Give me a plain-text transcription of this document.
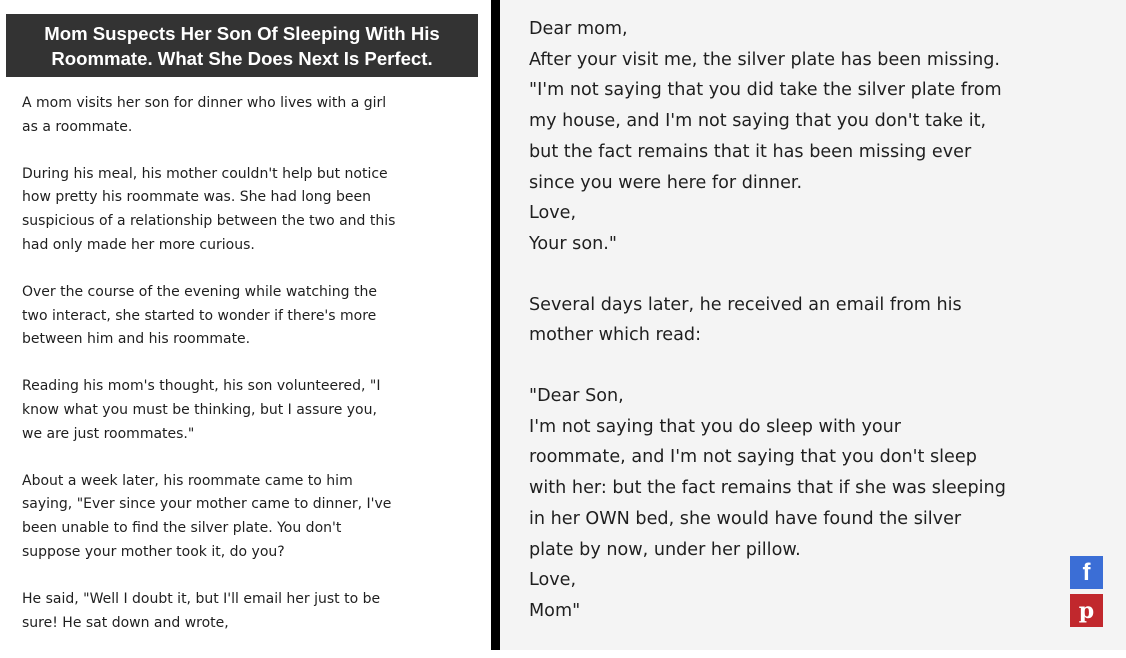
Mom Suspects Her Son Of Sleeping With His
Roommate. What She Does Next Is Perfect.

A mom visits her son for dinner who lives with a girl
as a roommate.

During his meal, his mother couldn't help but notice
how pretty his roommate was. She had long been
suspicious of a relationship between the two and this
had only made her more curious.

Over the course of the evening while watching the
two interact, she started to wonder if there's more
between him and his roommate.

Reading his mom's thought, his son volunteered, "I
know what you must be thinking, but I assure you,
we are just roommates."

About a week later, his roommate came to him
saying, "Ever since your mother came to dinner, I've
been unable to find the silver plate. You don't
suppose your mother took it, do you?

He said, "Well I doubt it, but I'll email her just to be
sure! He sat down and wrote,

Dear mom,
After your visit me, the silver plate has been missing.
"I'm not saying that you did take the silver plate from
my house, and I'm not saying that you don't take it,
but the fact remains that it has been missing ever
since you were here for dinner.
Love,
Your son."

Several days later, he received an email from his
mother which read:

"Dear Son,
I'm not saying that you do sleep with your
roommate, and I'm not saying that you don't sleep
with her: but the fact remains that if she was sleeping
in her OWN bed, she would have found the silver
plate by now, under her pillow.
Love,
Mom"

f
p
